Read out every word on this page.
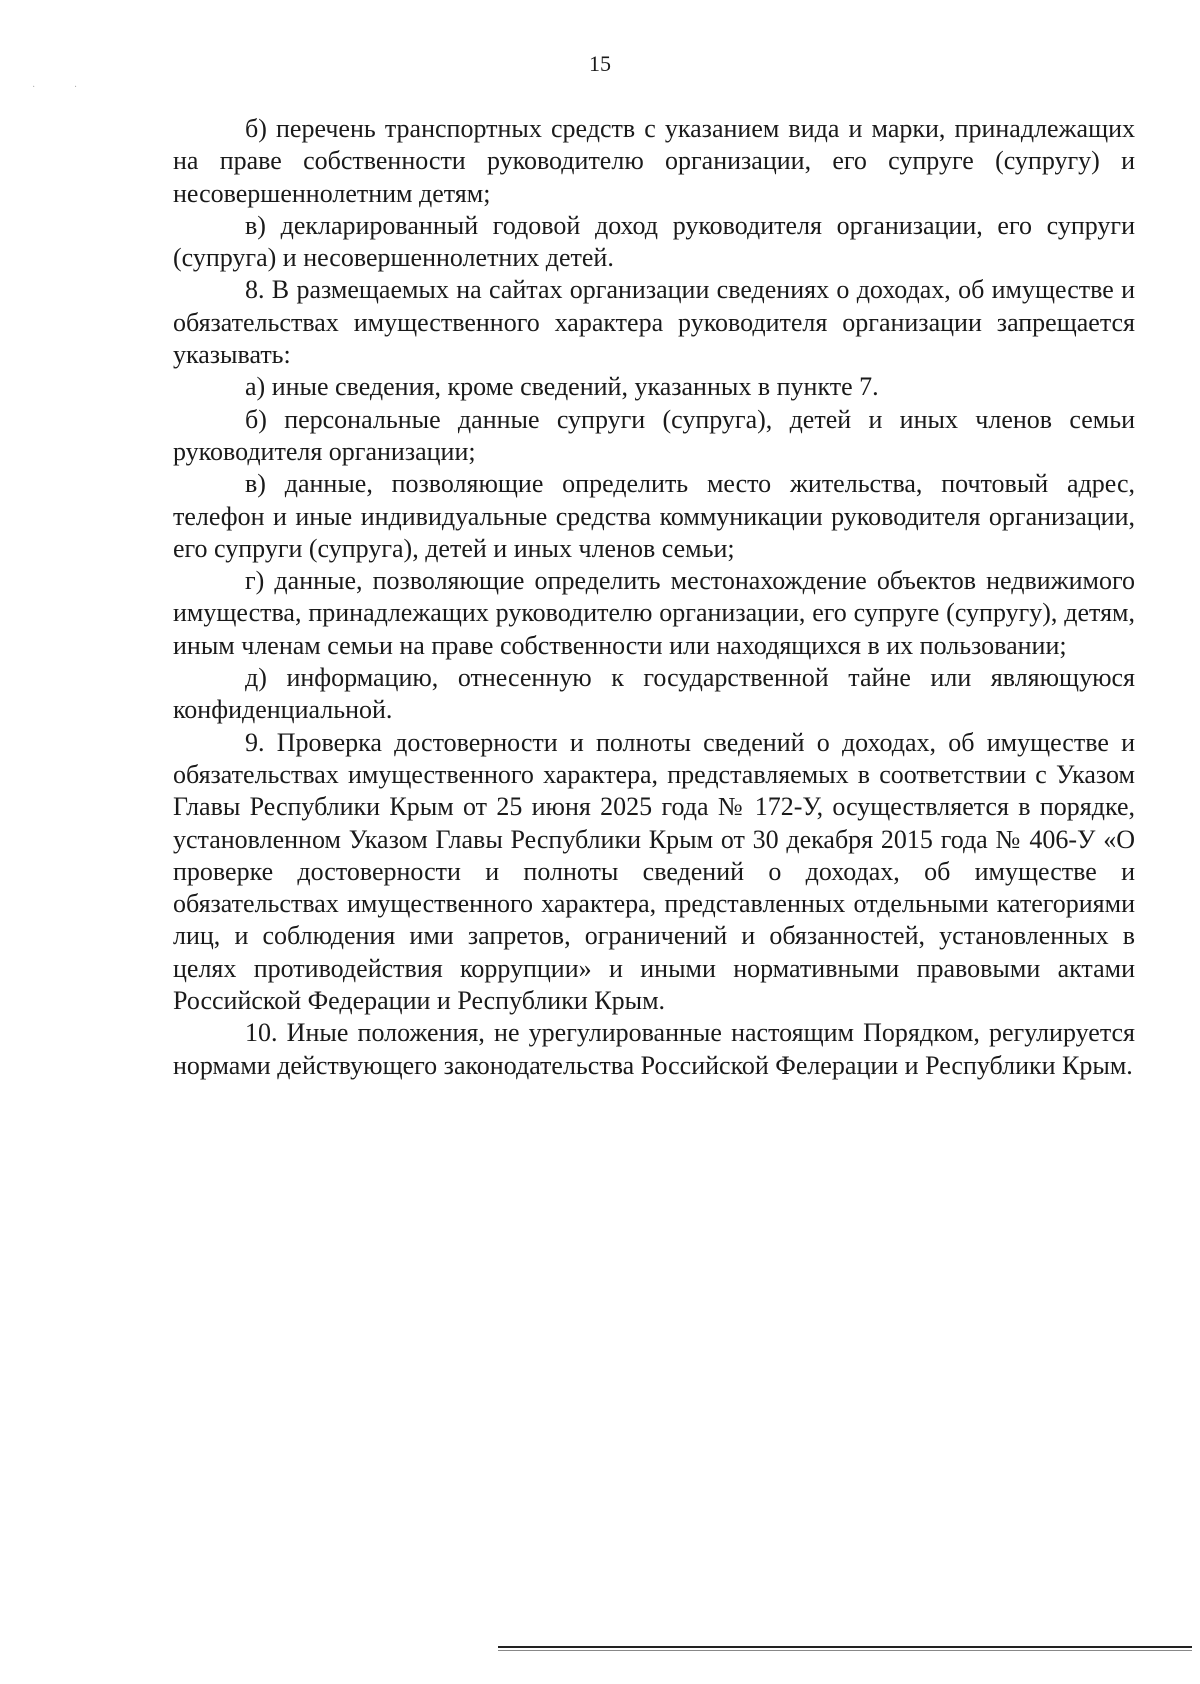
· ·
15

б) перечень транспортных средств с указанием вида и марки, принадлежащих на праве собственности руководителю организации, его супруге (супругу) и несовершеннолетним детям;

в) декларированный годовой доход руководителя организации, его супруги (супруга) и несовершеннолетних детей.

8. В размещаемых на сайтах организации сведениях о доходах, об имуществе и обязательствах имущественного характера руководителя организации запрещается указывать:

а) иные сведения, кроме сведений, указанных в пункте 7.

б) персональные данные супруги (супруга), детей и иных членов семьи руководителя организации;

в) данные, позволяющие определить место жительства, почтовый адрес, телефон и иные индивидуальные средства коммуникации руководителя организации, его супруги (супруга), детей и иных членов семьи;

г) данные, позволяющие определить местонахождение объектов недвижимого имущества, принадлежащих руководителю организации, его супруге (супругу), детям, иным членам семьи на праве собственности или находящихся в их пользовании;

д) информацию, отнесенную к государственной тайне или являющуюся конфиденциальной.

9. Проверка достоверности и полноты сведений о доходах, об имуществе и обязательствах имущественного характера, представляемых в соответствии с Указом Главы Республики Крым от 25 июня 2025 года № 172-У, осуществляется в порядке, установленном Указом Главы Республики Крым от 30 декабря 2015 года № 406-У «О проверке достоверности и полноты сведений о доходах, об имуществе и обязательствах имущественного характера, представленных отдельными категориями лиц, и соблюдения ими запретов, ограничений и обязанностей, установленных в целях противодействия коррупции» и иными нормативными правовыми актами Российской Федерации и Республики Крым.

10. Иные положения, не урегулированные настоящим Порядком, регулируется нормами действующего законодательства Российской Фелерации и Республики Крым.
